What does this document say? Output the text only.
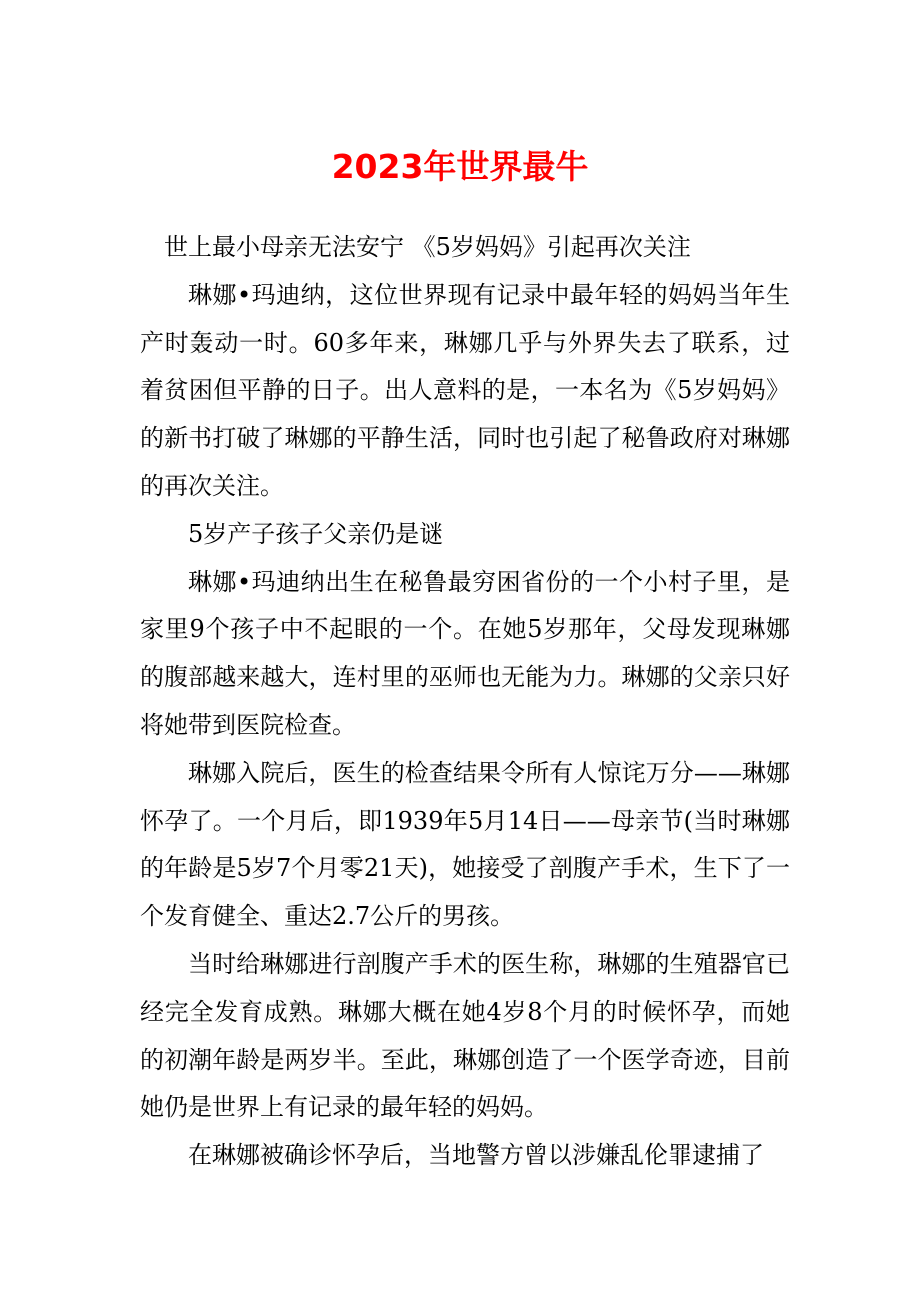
2023年世界最牛

世上最小母亲无法安宁 《5岁妈妈》引起再次关注

琳娜•玛迪纳，这位世界现有记录中最年轻的妈妈当年生产时轰动一时。60多年来，琳娜几乎与外界失去了联系，过着贫困但平静的日子。出人意料的是，一本名为《5岁妈妈》的新书打破了琳娜的平静生活，同时也引起了秘鲁政府对琳娜的再次关注。

5岁产子孩子父亲仍是谜

琳娜•玛迪纳出生在秘鲁最穷困省份的一个小村子里，是家里9个孩子中不起眼的一个。在她5岁那年，父母发现琳娜的腹部越来越大，连村里的巫师也无能为力。琳娜的父亲只好将她带到医院检查。

琳娜入院后，医生的检查结果令所有人惊诧万分——琳娜怀孕了。一个月后，即1939年5月14日——母亲节(当时琳娜的年龄是5岁7个月零21天)，她接受了剖腹产手术，生下了一个发育健全、重达2.7公斤的男孩。

当时给琳娜进行剖腹产手术的医生称，琳娜的生殖器官已经完全发育成熟。琳娜大概在她4岁8个月的时候怀孕，而她的初潮年龄是两岁半。至此，琳娜创造了一个医学奇迹，目前她仍是世界上有记录的最年轻的妈妈。

在琳娜被确诊怀孕后，当地警方曾以涉嫌乱伦罪逮捕了
